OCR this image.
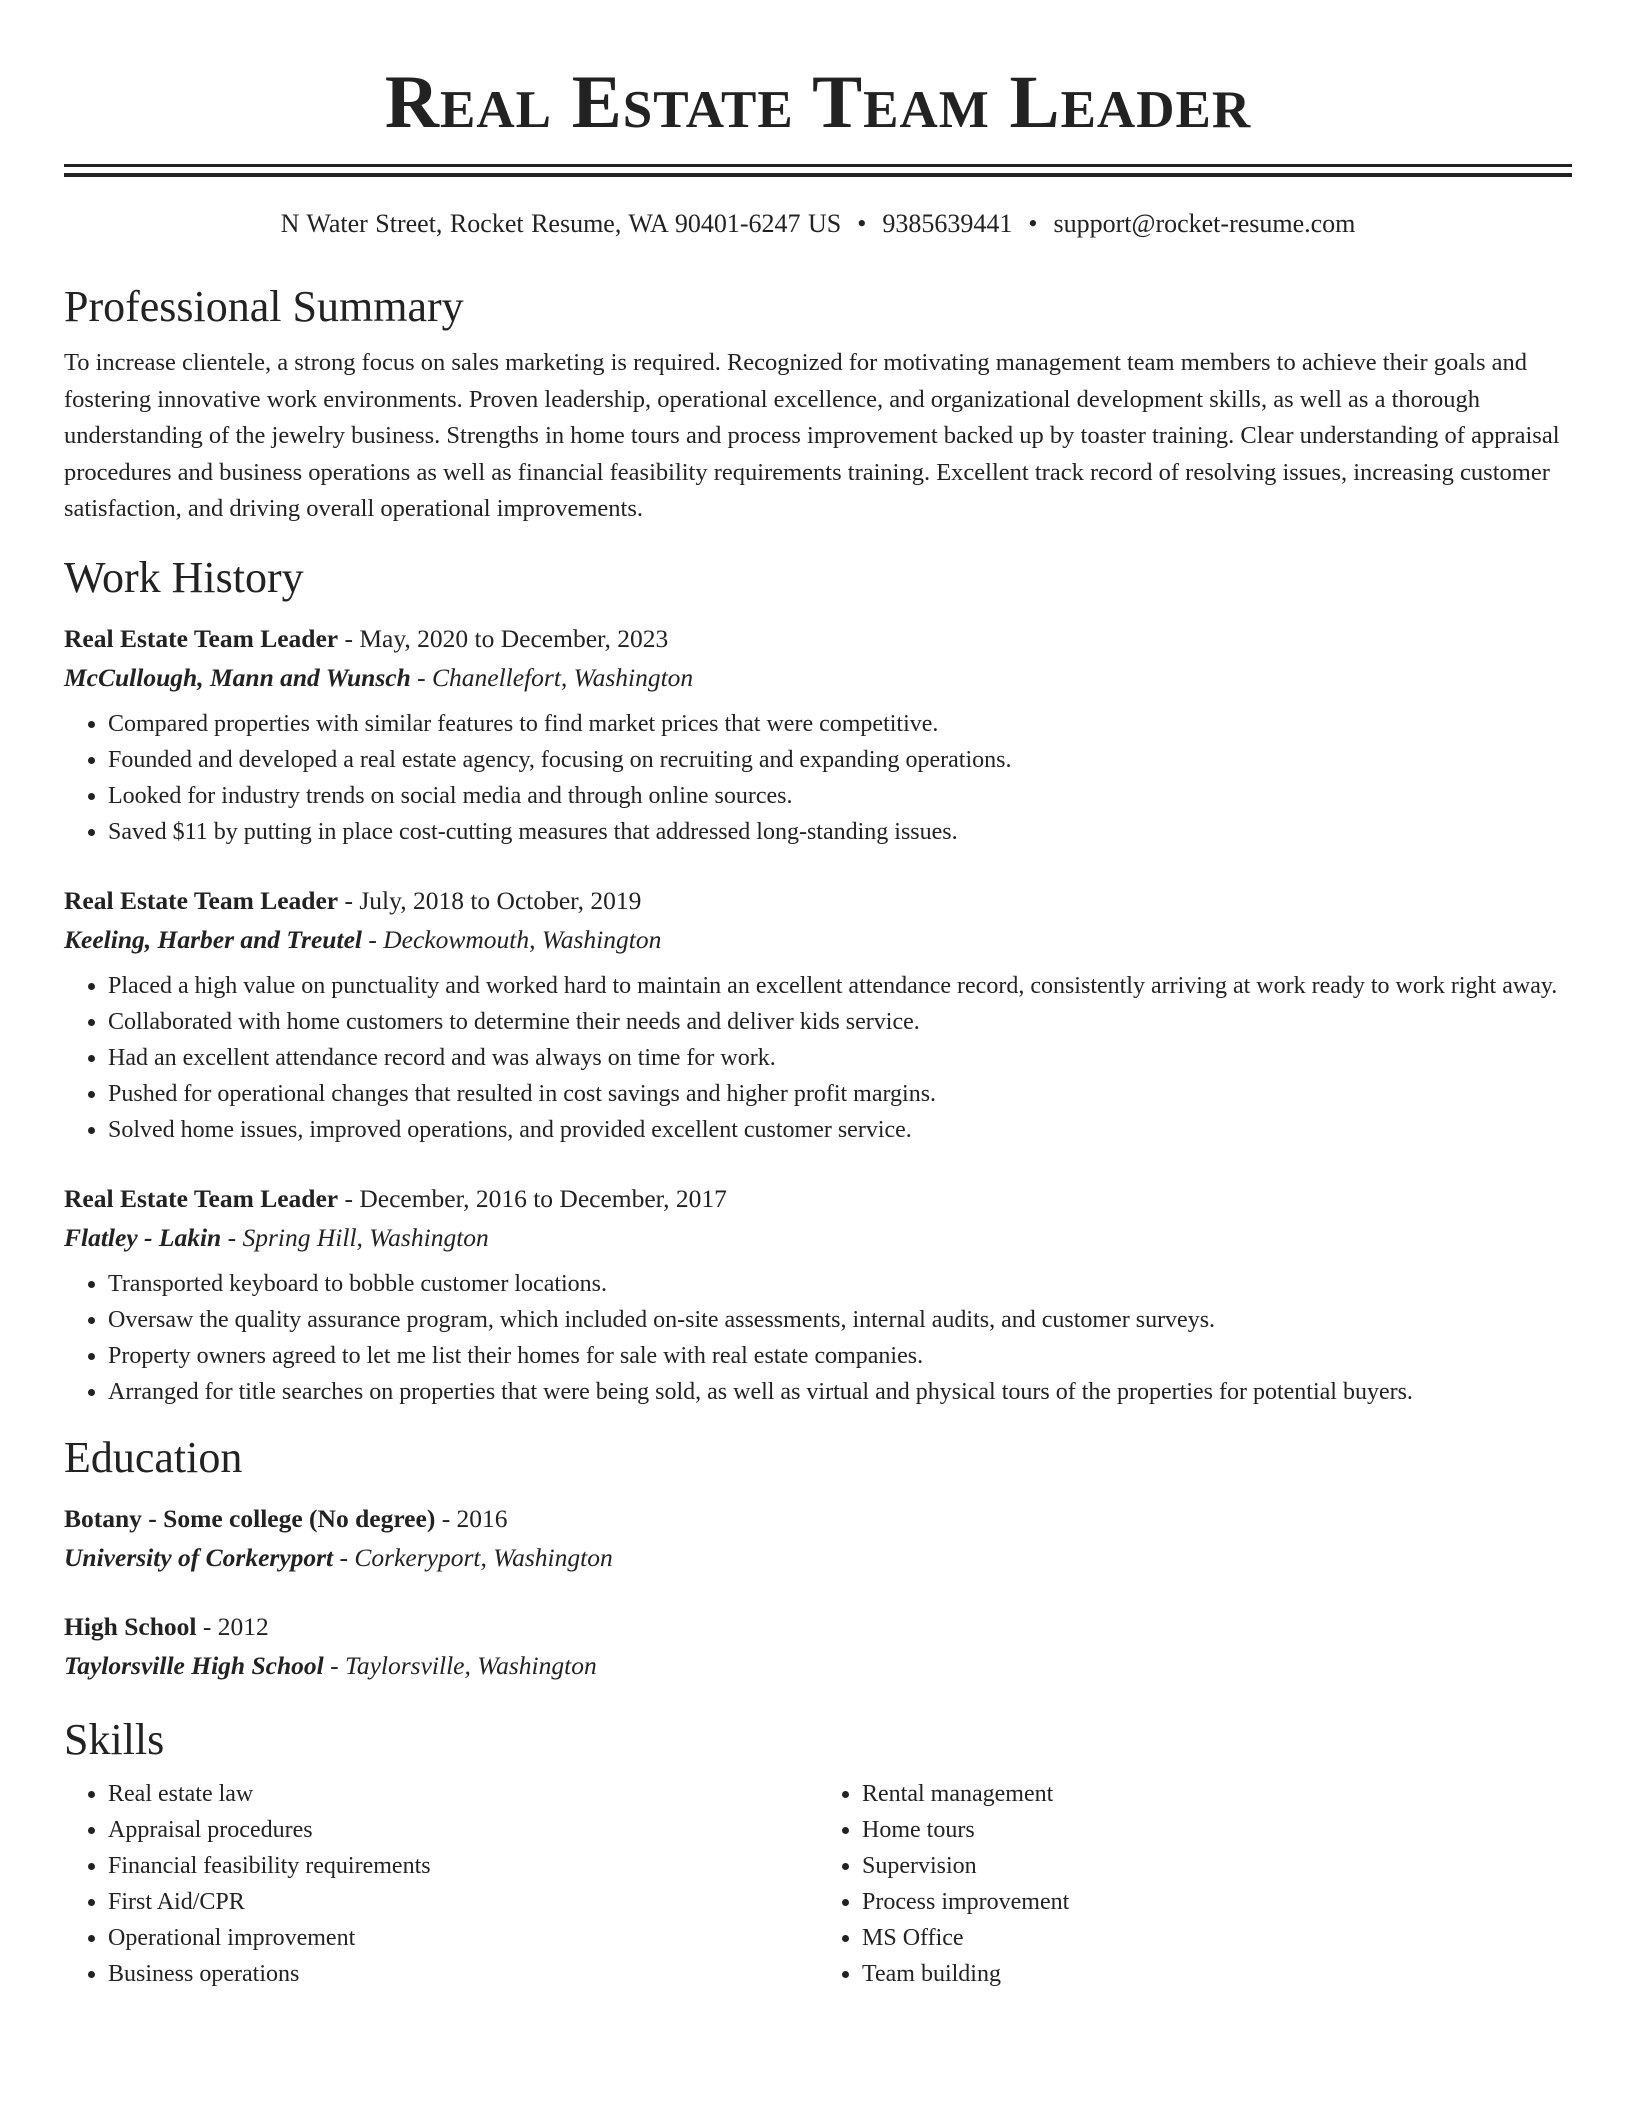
Real Estate Team Leader
N Water Street, Rocket Resume, WA 90401-6247 US • 9385639441 • support@rocket-resume.com
Professional Summary

To increase clientele, a strong focus on sales marketing is required. Recognized for motivating management team members to achieve their goals and fostering innovative work environments. Proven leadership, operational excellence, and organizational development skills, as well as a thorough understanding of the jewelry business. Strengths in home tours and process improvement backed up by toaster training. Clear understanding of appraisal procedures and business operations as well as financial feasibility requirements training. Excellent track record of resolving issues, increasing customer satisfaction, and driving overall operational improvements.

Work History
Real Estate Team Leader - May, 2020 to December, 2023
McCullough, Mann and Wunsch - Chanellefort, Washington
• Compared properties with similar features to find market prices that were competitive.
• Founded and developed a real estate agency, focusing on recruiting and expanding operations.
• Looked for industry trends on social media and through online sources.
• Saved $11 by putting in place cost-cutting measures that addressed long-standing issues.
Real Estate Team Leader - July, 2018 to October, 2019
Keeling, Harber and Treutel - Deckowmouth, Washington
• Placed a high value on punctuality and worked hard to maintain an excellent attendance record, consistently arriving at work ready to work right away.
• Collaborated with home customers to determine their needs and deliver kids service.
• Had an excellent attendance record and was always on time for work.
• Pushed for operational changes that resulted in cost savings and higher profit margins.
• Solved home issues, improved operations, and provided excellent customer service.
Real Estate Team Leader - December, 2016 to December, 2017
Flatley - Lakin - Spring Hill, Washington
• Transported keyboard to bobble customer locations.
• Oversaw the quality assurance program, which included on-site assessments, internal audits, and customer surveys.
• Property owners agreed to let me list their homes for sale with real estate companies.
• Arranged for title searches on properties that were being sold, as well as virtual and physical tours of the properties for potential buyers.
Education
Botany - Some college (No degree) - 2016
University of Corkeryport - Corkeryport, Washington
High School - 2012
Taylorsville High School - Taylorsville, Washington
Skills
• Real estate law
• Appraisal procedures
• Financial feasibility requirements
• First Aid/CPR
• Operational improvement
• Business operations
• Rental management
• Home tours
• Supervision
• Process improvement
• MS Office
• Team building
